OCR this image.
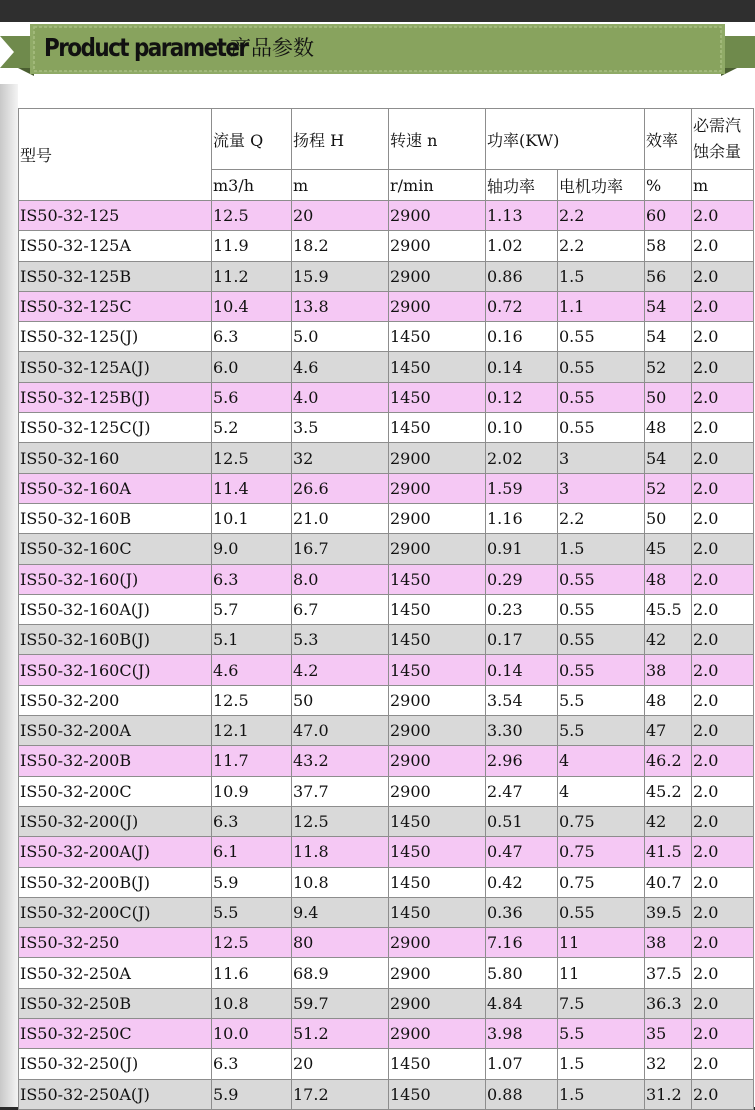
Product parameter
产品参数
型号	流量 Q	扬程 H	转速 n	功率(KW)		效率	必需汽蚀余量
	m3/h	m	r/min	轴功率	电机功率	%	m
IS50-32-125	12.5	20	2900	1.13	2.2	60	2.0
IS50-32-125A	11.9	18.2	2900	1.02	2.2	58	2.0
IS50-32-125B	11.2	15.9	2900	0.86	1.5	56	2.0
IS50-32-125C	10.4	13.8	2900	0.72	1.1	54	2.0
IS50-32-125(J)	6.3	5.0	1450	0.16	0.55	54	2.0
IS50-32-125A(J)	6.0	4.6	1450	0.14	0.55	52	2.0
IS50-32-125B(J)	5.6	4.0	1450	0.12	0.55	50	2.0
IS50-32-125C(J)	5.2	3.5	1450	0.10	0.55	48	2.0
IS50-32-160	12.5	32	2900	2.02	3	54	2.0
IS50-32-160A	11.4	26.6	2900	1.59	3	52	2.0
IS50-32-160B	10.1	21.0	2900	1.16	2.2	50	2.0
IS50-32-160C	9.0	16.7	2900	0.91	1.5	45	2.0
IS50-32-160(J)	6.3	8.0	1450	0.29	0.55	48	2.0
IS50-32-160A(J)	5.7	6.7	1450	0.23	0.55	45.5	2.0
IS50-32-160B(J)	5.1	5.3	1450	0.17	0.55	42	2.0
IS50-32-160C(J)	4.6	4.2	1450	0.14	0.55	38	2.0
IS50-32-200	12.5	50	2900	3.54	5.5	48	2.0
IS50-32-200A	12.1	47.0	2900	3.30	5.5	47	2.0
IS50-32-200B	11.7	43.2	2900	2.96	4	46.2	2.0
IS50-32-200C	10.9	37.7	2900	2.47	4	45.2	2.0
IS50-32-200(J)	6.3	12.5	1450	0.51	0.75	42	2.0
IS50-32-200A(J)	6.1	11.8	1450	0.47	0.75	41.5	2.0
IS50-32-200B(J)	5.9	10.8	1450	0.42	0.75	40.7	2.0
IS50-32-200C(J)	5.5	9.4	1450	0.36	0.55	39.5	2.0
IS50-32-250	12.5	80	2900	7.16	11	38	2.0
IS50-32-250A	11.6	68.9	2900	5.80	11	37.5	2.0
IS50-32-250B	10.8	59.7	2900	4.84	7.5	36.3	2.0
IS50-32-250C	10.0	51.2	2900	3.98	5.5	35	2.0
IS50-32-250(J)	6.3	20	1450	1.07	1.5	32	2.0
IS50-32-250A(J)	5.9	17.2	1450	0.88	1.5	31.2	2.0
